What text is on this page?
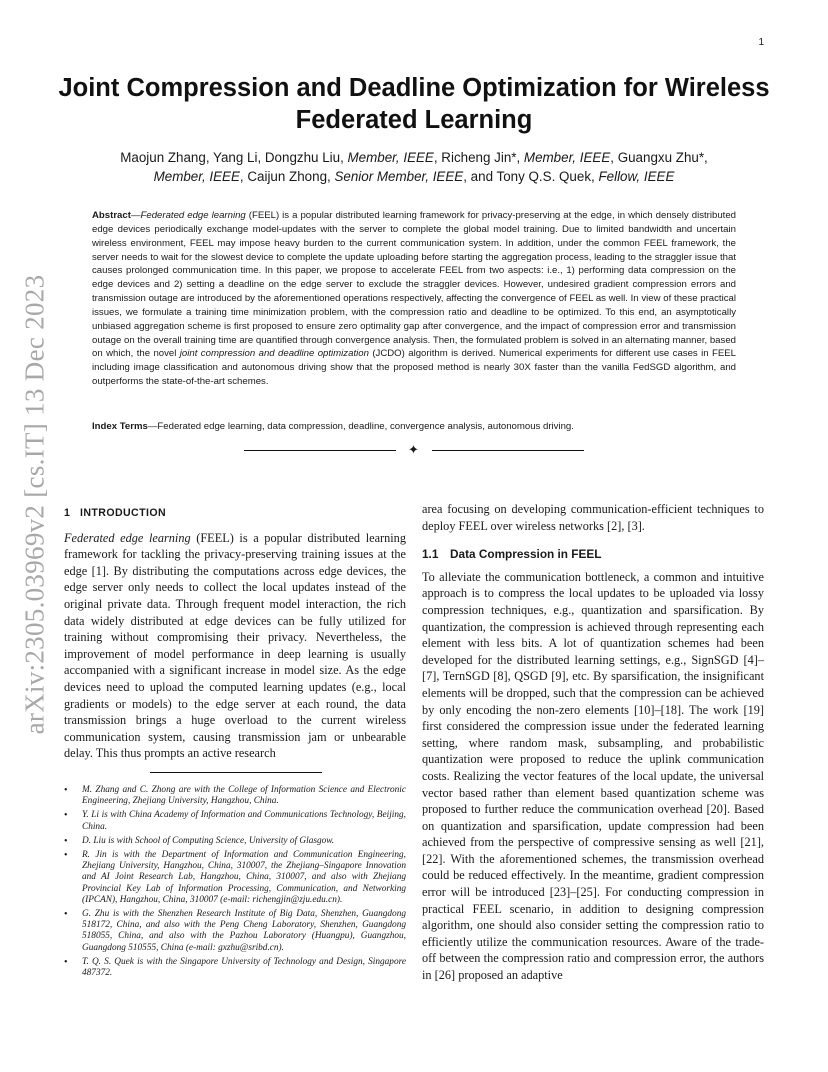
1
arXiv:2305.03969v2 [cs.IT] 13 Dec 2023
Joint Compression and Deadline Optimization for Wireless Federated Learning
Maojun Zhang, Yang Li, Dongzhu Liu, Member, IEEE, Richeng Jin*, Member, IEEE, Guangxu Zhu*,
Member, IEEE, Caijun Zhong, Senior Member, IEEE, and Tony Q.S. Quek, Fellow, IEEE

Abstract—Federated edge learning (FEEL) is a popular distributed learning framework for privacy-preserving at the edge, in which densely distributed edge devices periodically exchange model-updates with the server to complete the global model training. Due to limited bandwidth and uncertain wireless environment, FEEL may impose heavy burden to the current communication system. In addition, under the common FEEL framework, the server needs to wait for the slowest device to complete the update uploading before starting the aggregation process, leading to the straggler issue that causes prolonged communication time. In this paper, we propose to accelerate FEEL from two aspects: i.e., 1) performing data compression on the edge devices and 2) setting a deadline on the edge server to exclude the straggler devices. However, undesired gradient compression errors and transmission outage are introduced by the aforementioned operations respectively, affecting the convergence of FEEL as well. In view of these practical issues, we formulate a training time minimization problem, with the compression ratio and deadline to be optimized. To this end, an asymptotically unbiased aggregation scheme is first proposed to ensure zero optimality gap after convergence, and the impact of compression error and transmission outage on the overall training time are quantified through convergence analysis. Then, the formulated problem is solved in an alternating manner, based on which, the novel joint compression and deadline optimization (JCDO) algorithm is derived. Numerical experiments for different use cases in FEEL including image classification and autonomous driving show that the proposed method is nearly 30X faster than the vanilla FedSGD algorithm, and outperforms the state-of-the-art schemes.

Index Terms—Federated edge learning, data compression, deadline, convergence analysis, autonomous driving.

✦
1 INTRODUCTION

Federated edge learning (FEEL) is a popular distributed learning framework for tackling the privacy-preserving training issues at the edge [1]. By distributing the computations across edge devices, the edge server only needs to collect the local updates instead of the original private data. Through frequent model interaction, the rich data widely distributed at edge devices can be fully utilized for training without compromising their privacy. Nevertheless, the improvement of model performance in deep learning is usually accompanied with a significant increase in model size. As the edge devices need to upload the computed learning updates (e.g., local gradients or models) to the edge server at each round, the data transmission brings a huge overload to the current wireless communication system, causing transmission jam or unbearable delay. This thus prompts an active research

• M. Zhang and C. Zhong are with the College of Information Science and Electronic Engineering, Zhejiang University, Hangzhou, China.
• Y. Li is with China Academy of Information and Communications Technology, Beijing, China.
• D. Liu is with School of Computing Science, University of Glasgow.
• R. Jin is with the Department of Information and Communication Engineering, Zhejiang University, Hangzhou, China, 310007, the Zhejiang–Singapore Innovation and AI Joint Research Lab, Hangzhou, China, 310007, and also with Zhejiang Provincial Key Lab of Information Processing, Communication, and Networking (IPCAN), Hangzhou, China, 310007 (e-mail: richengjin@zju.edu.cn).
• G. Zhu is with the Shenzhen Research Institute of Big Data, Shenzhen, Guangdong 518172, China, and also with the Peng Cheng Laboratory, Shenzhen, Guangdong 518055, China, and also with the Pazhou Laboratory (Huangpu), Guangzhou, Guangdong 510555, China (e-mail: gxzhu@sribd.cn).
• T. Q. S. Quek is with the Singapore University of Technology and Design, Singapore 487372.
area focusing on developing communication-efficient techniques to deploy FEEL over wireless networks [2], [3].
1.1 Data Compression in FEEL

To alleviate the communication bottleneck, a common and intuitive approach is to compress the local updates to be uploaded via lossy compression techniques, e.g., quantization and sparsification. By quantization, the compression is achieved through representing each element with less bits. A lot of quantization schemes had been developed for the distributed learning settings, e.g., SignSGD [4]–[7], TernSGD [8], QSGD [9], etc. By sparsification, the insignificant elements will be dropped, such that the compression can be achieved by only encoding the non-zero elements [10]–[18]. The work [19] first considered the compression issue under the federated learning setting, where random mask, subsampling, and probabilistic quantization were proposed to reduce the uplink communication costs. Realizing the vector features of the local update, the universal vector based rather than element based quantization scheme was proposed to further reduce the communication overhead [20]. Based on quantization and sparsification, update compression had been achieved from the perspective of compressive sensing as well [21], [22]. With the aforementioned schemes, the transmission overhead could be reduced effectively. In the meantime, gradient compression error will be introduced [23]–[25]. For conducting compression in practical FEEL scenario, in addition to designing compression algorithm, one should also consider setting the compression ratio to efficiently utilize the communication resources. Aware of the trade-off between the compression ratio and compression error, the authors in [26] proposed an adaptive
